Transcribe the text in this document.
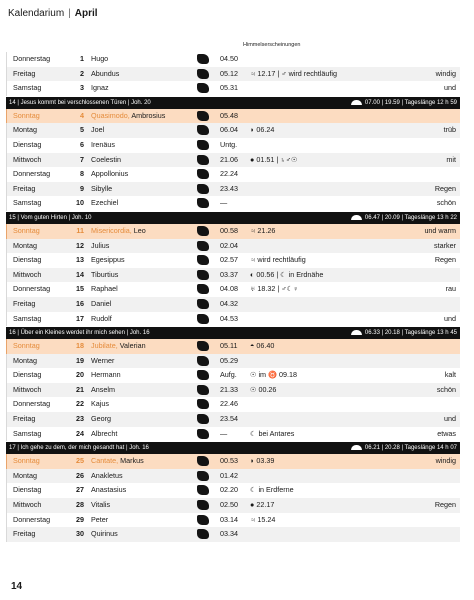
Kalendarium | April
Himmelserscheinungen
Donnerstag	1 Hugo	04.50
Freitag	2 Abundus	05.12 ♃ 12.17 | ♂ wird rechtläufig	windig
Samstag	3 Ignaz	05.31	und
14 | Jesus kommt bei verschlossenen Türen | Joh. 20	07.00 | 19.59 | Tageslänge 12 h 59
Sonntag	4 Quasimodo, Ambrosius	05.48
Montag	5 Joel	06.04 ◗ 06.24	trüb
Dienstag	6 Irenäus	Untg.
Mittwoch	7 Coelestin	21.06 ● 01.51 | ♄♂☉	mit
Donnerstag	8 Appollonius	22.24
Freitag	9 Sibylle	23.43	Regen
Samstag	10 Ezechiel	—	schön
15 | Vom guten Hirten | Joh. 10	06.47 | 20.09 | Tageslänge 13 h 22
Sonntag	11 Misericordia, Leo	00.58 ♃ 21.26	und warm
Montag	12 Julius	02.04	starker
Dienstag	13 Egesippus	02.57 ♃ wird rechtläufig	Regen
Mittwoch	14 Tiburtius	03.37 ◐ 00.56 | ☾ in Erdnähe
Donnerstag	15 Raphael	04.08 ♅ 18.32 | ♂☾♀	rau
Freitag	16 Daniel	04.32
Samstag	17 Rudolf	04.53	und
16 | Über ein Kleines werdet ihr mich sehen | Joh. 16	06.33 | 20.18 | Tageslänge 13 h 45
Sonntag	18 Jubilate, Valerian	05.11 ◓ 06.40
Montag	19 Werner	05.29
Dienstag	20 Hermann	Aufg. ☉ im ♉ 09.18	kalt
Mittwoch	21 Anselm	21.33 ☉ 00.26	schön
Donnerstag	22 Kajus	22.46
Freitag	23 Georg	23.54	und
Samstag	24 Albrecht	—	☾ bei Antares	etwas
17 | Ich gehe zu dem, der mich gesandt hat | Joh. 16	06.21 | 20.28 | Tageslänge 14 h 07
Sonntag	25 Cantate, Markus	00.53 ◗ 03.39	windig
Montag	26 Anakletus	01.42
Dienstag	27 Anastasius	02.20 ☾ in Erdferne
Mittwoch	28 Vitalis	02.50 ● 22.17	Regen
Donnerstag	29 Peter	03.14 ♃ 15.24
Freitag	30 Quirinus	03.34
14
